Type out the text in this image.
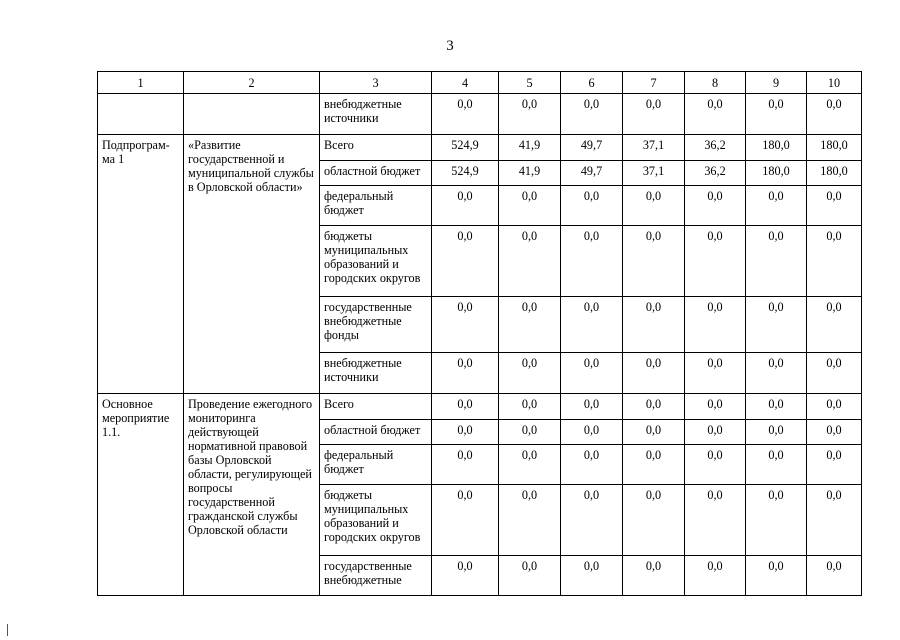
3
1	2	3	4	5	6	7	8	9	10
		внебюджетные источники	0,0	0,0	0,0	0,0	0,0	0,0	0,0
Подпрограм-ма 1	«Развитие государственной и муниципальной службы в Орловской области»	Всего	524,9	41,9	49,7	37,1	36,2	180,0	180,0
		областной бюджет	524,9	41,9	49,7	37,1	36,2	180,0	180,0
		федеральный бюджет	0,0	0,0	0,0	0,0	0,0	0,0	0,0
		бюджеты муниципальных образований и городских округов	0,0	0,0	0,0	0,0	0,0	0,0	0,0
		государственные внебюджетные фонды	0,0	0,0	0,0	0,0	0,0	0,0	0,0
		внебюджетные источники	0,0	0,0	0,0	0,0	0,0	0,0	0,0
Основное мероприятие 1.1.	Проведение ежегодного мониторинга действующей нормативной правовой базы Орловской области, регулирующей вопросы государственной гражданской службы Орловской области	Всего	0,0	0,0	0,0	0,0	0,0	0,0	0,0
		областной бюджет	0,0	0,0	0,0	0,0	0,0	0,0	0,0
		федеральный бюджет	0,0	0,0	0,0	0,0	0,0	0,0	0,0
		бюджеты муниципальных образований и городских округов	0,0	0,0	0,0	0,0	0,0	0,0	0,0
		государственные внебюджетные	0,0	0,0	0,0	0,0	0,0	0,0	0,0
